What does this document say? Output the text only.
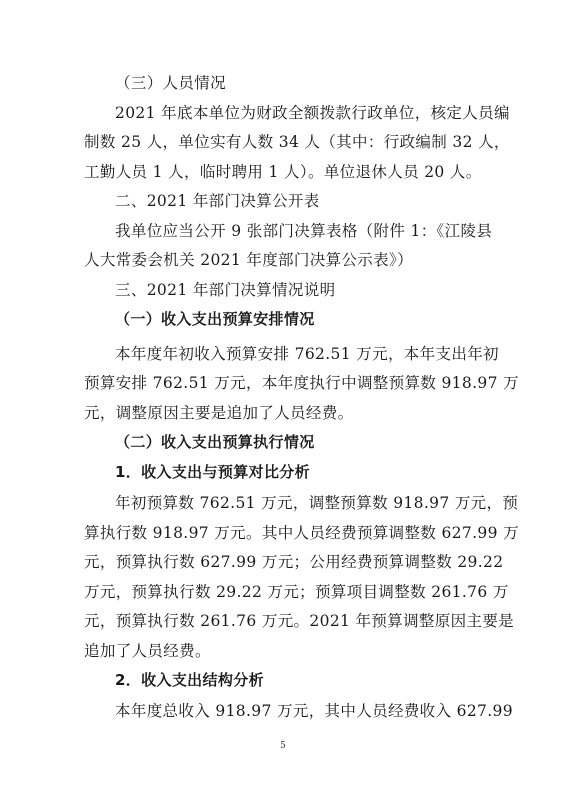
（三）人员情况
2021 年底本单位为财政全额拨款行政单位，核定人员编
制数 25 人，单位实有人数 34 人（其中：行政编制 32 人，
工勤人员 1 人，临时聘用 1 人）。单位退休人员 20 人。
二、2021 年部门决算公开表
我单位应当公开 9 张部门决算表格（附件 1：《江陵县
人大常委会机关 2021 年度部门决算公示表》）
三、2021 年部门决算情况说明
（一）收入支出预算安排情况
本年度年初收入预算安排 762.51 万元，本年支出年初
预算安排 762.51 万元，本年度执行中调整预算数 918.97 万
元，调整原因主要是追加了人员经费。
（二）收入支出预算执行情况
1．收入支出与预算对比分析
年初预算数 762.51 万元，调整预算数 918.97 万元，预
算执行数 918.97 万元。其中人员经费预算调整数 627.99 万
元，预算执行数 627.99 万元；公用经费预算调整数 29.22
万元，预算执行数 29.22 万元；预算项目调整数 261.76 万
元，预算执行数 261.76 万元。2021 年预算调整原因主要是
追加了人员经费。
2．收入支出结构分析
本年度总收入 918.97 万元，其中人员经费收入 627.99
5
